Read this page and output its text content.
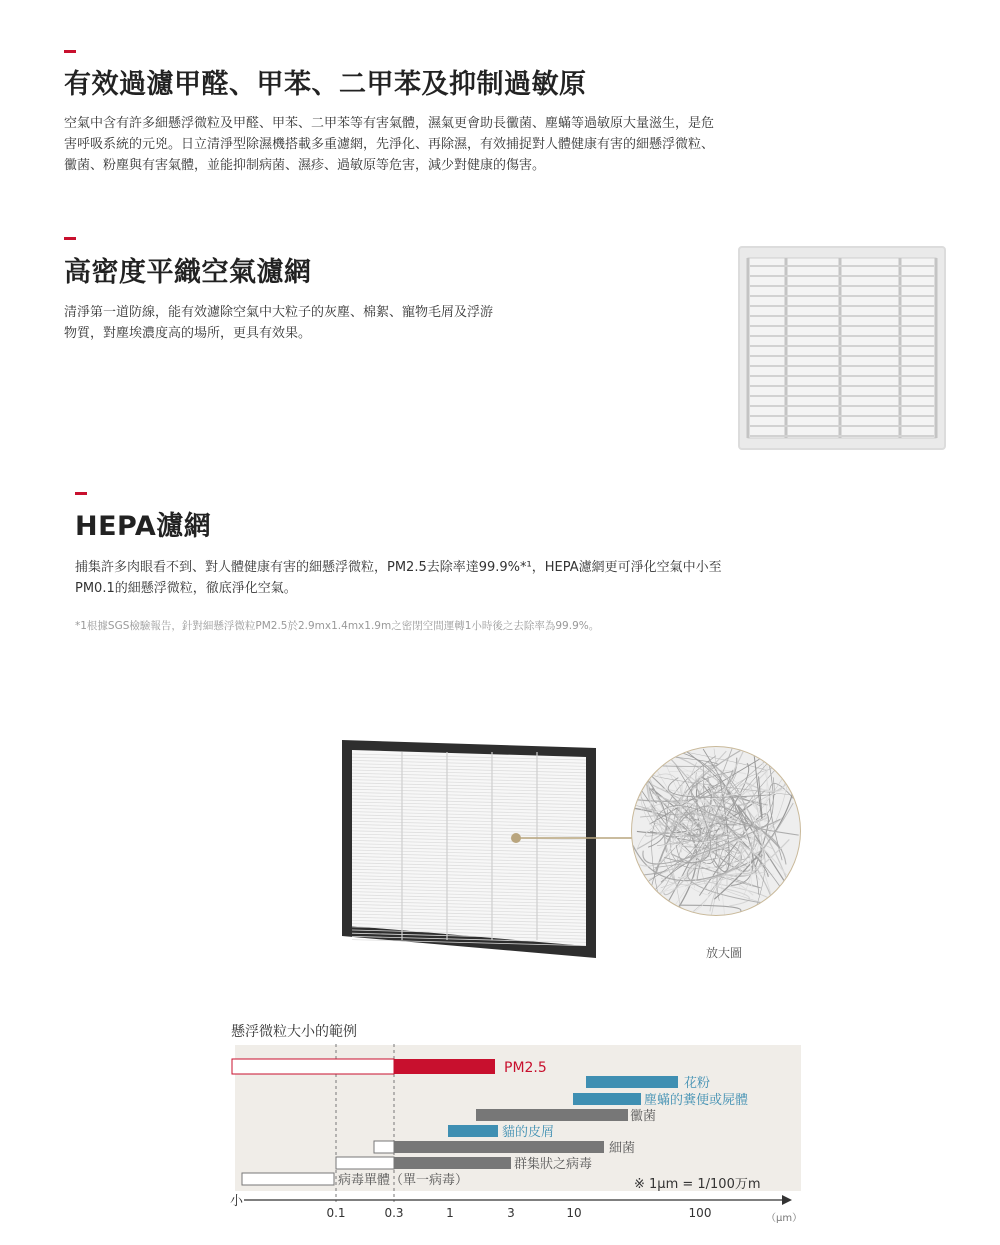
有效過濾甲醛、甲苯、二甲苯及抑制過敏原

空氣中含有許多細懸浮微粒及甲醛、甲苯、二甲苯等有害氣體，濕氣更會助長黴菌、塵蟎等過敏原大量滋生，是危

害呼吸系統的元兇。日立清淨型除濕機搭載多重濾網，先淨化、再除濕，有效捕捉對人體健康有害的細懸浮微粒、

黴菌、粉塵與有害氣體，並能抑制病菌、濕疹、過敏原等危害，減少對健康的傷害。

高密度平織空氣濾網

清淨第一道防線，能有效濾除空氣中大粒子的灰塵、棉絮、寵物毛屑及浮游

物質，對塵埃濃度高的場所，更具有效果。

HEPA濾網

捕集許多肉眼看不到、對人體健康有害的細懸浮微粒，PM2.5去除率達99.9%*¹，HEPA濾網更可淨化空氣中小至

PM0.1的細懸浮微粒，徹底淨化空氣。

*1根據SGS檢驗報告，針對細懸浮微粒PM2.5於2.9mx1.4mx1.9m之密閉空間運轉1小時後之去除率為99.9%。
放大圖
懸浮微粒大小的範例
PM2.5
花粉
塵蟎的糞便或屍體
黴菌
貓的皮屑
細菌
群集狀之病毒
病毒單體（單一病毒）	※ 1μm = 1/100万m
小
0.1	0.3	1	3	10	100	（μm）
